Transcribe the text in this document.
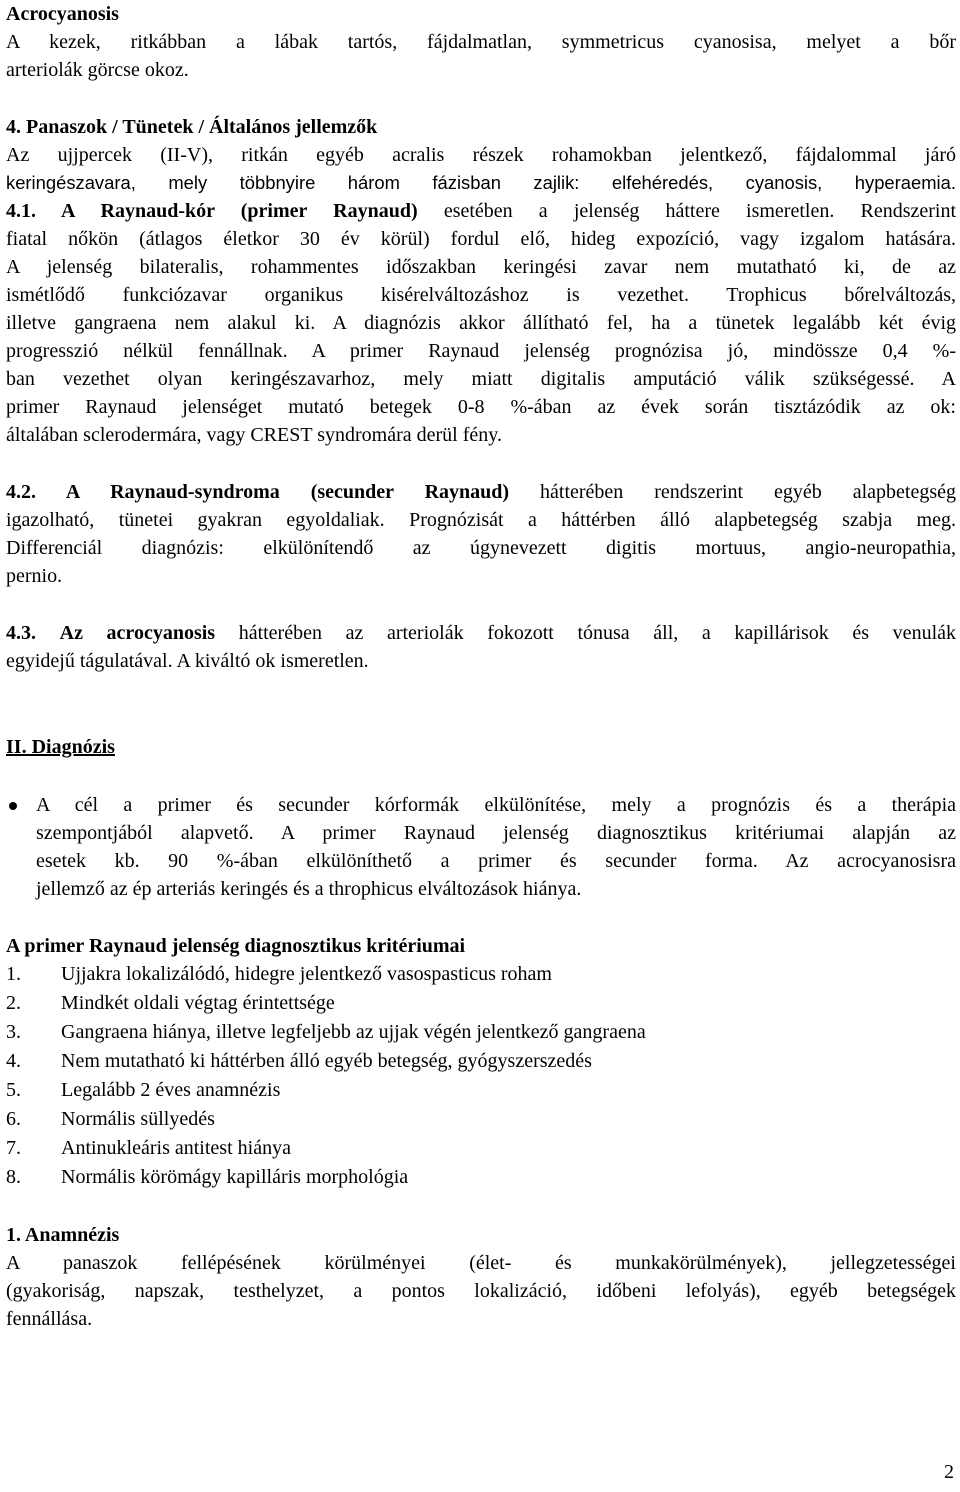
Acrocyanosis

A kezek, ritkábban a lábak tartós, fájdalmatlan, symmetricus cyanosisa, melyet a bőr

arteriolák görcse okoz.

4. Panaszok / Tünetek / Általános jellemzők

Az ujjpercek (II-V), ritkán egyéb acralis részek rohamokban jelentkező, fájdalommal járó

keringészavara, mely többnyire három fázisban zajlik: elfehéredés, cyanosis, hyperaemia.

4.1. A Raynaud-kór (primer Raynaud) esetében a jelenség háttere ismeretlen. Rendszerint

fiatal nőkön (átlagos életkor 30 év körül) fordul elő, hideg expozíció, vagy izgalom hatására.

A jelenség bilateralis, rohammentes időszakban keringési zavar nem mutatható ki, de az

ismétlődő funkciózavar organikus kisérelváltozáshoz is vezethet. Trophicus bőrelváltozás,

illetve gangraena nem alakul ki. A diagnózis akkor állítható fel, ha a tünetek legalább két évig

progresszió nélkül fennállnak. A primer Raynaud jelenség prognózisa jó, mindössze 0,4 %-

ban vezethet olyan keringészavarhoz, mely miatt digitalis amputáció válik szükségessé. A

primer Raynaud jelenséget mutató betegek 0-8 %-ában az évek során tisztázódik az ok:

általában sclerodermára, vagy CREST syndromára derül fény.

4.2. A Raynaud-syndroma (secunder Raynaud) hátterében rendszerint egyéb alapbetegség

igazolható, tünetei gyakran egyoldaliak. Prognózisát a háttérben álló alapbetegség szabja meg.

Differenciál diagnózis: elkülönítendő az úgynevezett digitis mortuus, angio-neuropathia,

pernio.

4.3. Az acrocyanosis hátterében az arteriolák fokozott tónusa áll, a kapillárisok és venulák

egyidejű tágulatával. A kiváltó ok ismeretlen.

II. Diagnózis

A cél a primer és secunder kórformák elkülönítése, mely a prognózis és a therápia

szempontjából alapvető. A primer Raynaud jelenség diagnosztikus kritériumai alapján az

esetek kb. 90 %-ában elkülöníthető a primer és secunder forma. Az acrocyanosisra

jellemző az ép arteriás keringés és a throphicus elváltozások hiánya.

A primer Raynaud jelenség diagnosztikus kritériumai

1.	Ujjakra lokalizálódó, hidegre jelentkező vasospasticus roham
2.	Mindkét oldali végtag érintettsége
3.	Gangraena hiánya, illetve legfeljebb az ujjak végén jelentkező gangraena
4.	Nem mutatható ki háttérben álló egyéb betegség, gyógyszerszedés
5.	Legalább 2 éves anamnézis
6.	Normális süllyedés
7.	Antinukleáris antitest hiánya
8.	Normális körömágy kapilláris morphológia

1. Anamnézis

A panaszok fellépésének körülményei (élet- és munkakörülmények), jellegzetességei

(gyakoriság, napszak, testhelyzet, a pontos lokalizáció, időbeni lefolyás), egyéb betegségek

fennállása.

2
